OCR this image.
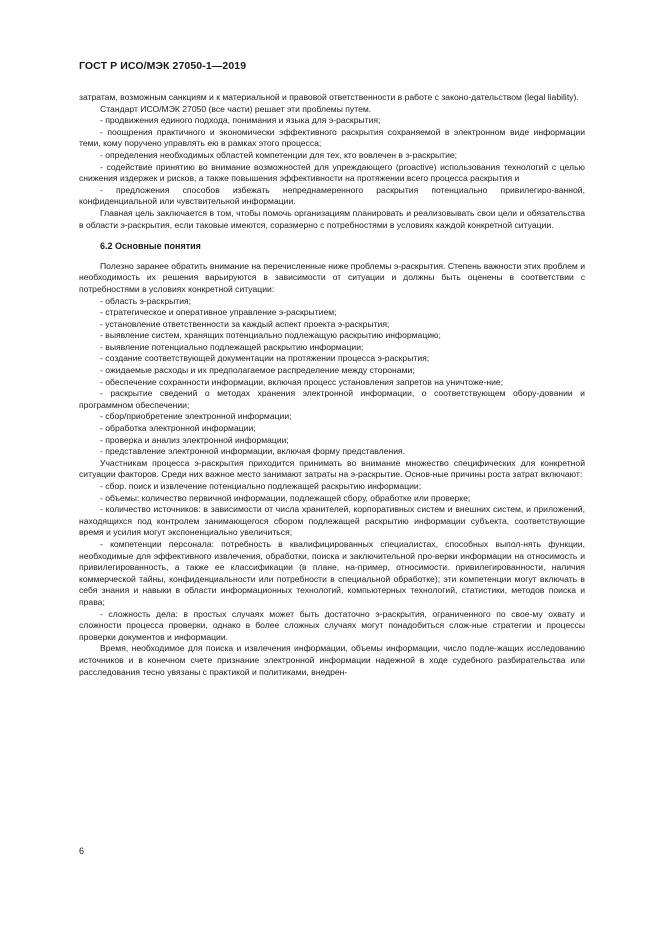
ГОСТ Р ИСО/МЭК 27050-1—2019

затратам, возможным санкциям и к материальной и правовой ответственности в работе с законо-дательством (legal liability).

Стандарт ИСО/МЭК 27050 (все части) решает эти проблемы путем.

- продвижения единого подхода, понимания и языка для э-раскрытия;

- поощрения практичного и экономически эффективного раскрытия сохраняемой в электронном виде информации теми, кому поручено управлять ею в рамках этого процесса;

- определения необходимых областей компетенции для тех, кто вовлечен в э-раскрытие;

- содействие принятию во внимание возможностей для упреждающего (proactive) использования технологий с целью снижения издержек и рисков, а также повышения эффективности на протяжении всего процесса раскрытия и

- предложения способов избежать непреднамеренного раскрытия потенциально привилегиро-ванной, конфиденциальной или чувствительной информации.

Главная цель заключается в том, чтобы помочь организациям планировать и реализовывать свои цели и обязательства в области э-раскрытия, если таковые имеются, соразмерно с потребностями в условиях каждой конкретной ситуации.

6.2 Основные понятия

Полезно заранее обратить внимание на перечисленные ниже проблемы э-раскрытия. Степень важности этих проблем и необходимость их решения варьируются в зависимости от ситуации и должны быть оценены в соответствии с потребностями в условиях конкретной ситуации:

- область э-раскрытия;

- стратегическое и оперативное управление э-раскрытием;

- установление ответственности за каждый аспект проекта э-раскрытия;

- выявление систем, хранящих потенциально подлежащую раскрытию информацию;

- выявление потенциально подлежащей раскрытию информации;

- создание соответствующей документации на протяжении процесса э-раскрытия;

- ожидаемые расходы и их предполагаемое распределение между сторонами;

- обеспечение сохранности информации, включая процесс установления запретов на уничтоже-ние;

- раскрытие сведений о методах хранения электронной информации, о соответствующем обору-довании и программном обеспечении;

- сбор/приобретение электронной информации;

- обработка электронной информации;

- проверка и анализ электронной информации;

- представление электронной информации, включая форму представления.

Участникам процесса э-раскрытия приходится принимать во внимание множество специфических для конкретной ситуации факторов. Среди них важное место занимают затраты на э-раскрытие. Основ-ные причины роста затрат включают:

- сбор. поиск и извлечение потенциально подлежащей раскрытию информации;

- объемы: количество первичной информации, подлежащей сбору, обработке или проверке;

- количество источников: в зависимости от числа хранителей, корпоративных систем и внешних систем, и приложений, находящихся под контролем занимающегося сбором подлежащей раскрытию информации субъекта, соответствующие время и усилия могут экспоненциально увеличиться;

- компетенции персонала: потребность в квалифицированных специалистах, способных выпол-нять функции, необходимые для эффективного извлечения, обработки, поиска и заключительной про-верки информации на относимость и привилегированность, а также ее классификации (в плане, на-пример, относимости. привилегированности, наличия коммерческой тайны, конфиденциальности или потребности в специальной обработке); эти компетенции могут включать в себя знания и навыки в области информационных технологий, компьютерных технологий, статистики, методов поиска и права;

- сложность дела: в простых случаях может быть достаточно э-раскрытия, ограниченного по свое-му охвату и сложности процесса проверки, однако в более сложных случаях могут понадобиться слож-ные стратегии и процессы проверки документов и информации.

Время, необходимое для поиска и извлечения информации, объемы информации, число подле-жащих исследованию источников и в конечном счете признание электронной информации надежной в ходе судебного разбирательства или расследования тесно увязаны с практикой и политиками, внедрен-

6
